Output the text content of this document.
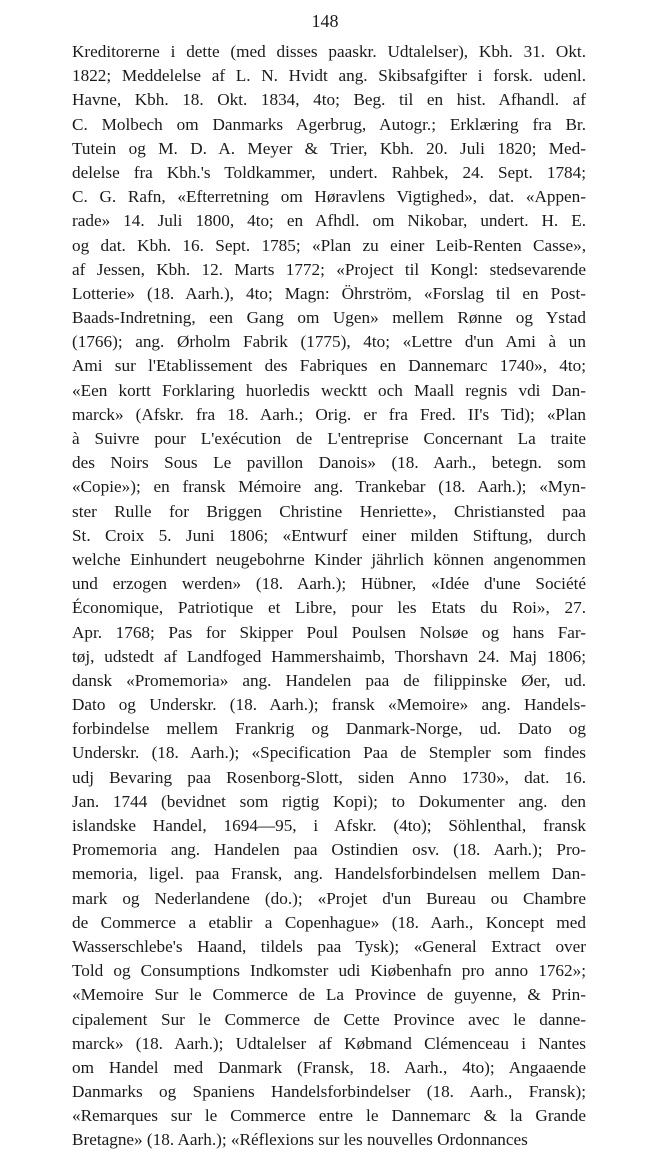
148
Kreditorerne i dette (med disses paaskr. Udtalelser), Kbh. 31. Okt.
1822; Meddelelse af L. N. Hvidt ang. Skibsafgifter i forsk. udenl.
Havne, Kbh. 18. Okt. 1834, 4to; Beg. til en hist. Afhandl. af
C. Molbech om Danmarks Agerbrug, Autogr.; Erklæring fra Br.
Tutein og M. D. A. Meyer & Trier, Kbh. 20. Juli 1820; Med-
delelse fra Kbh.'s Toldkammer, undert. Rahbek, 24. Sept. 1784;
C. G. Rafn, «Efterretning om Høravlens Vigtighed», dat. «Appen-
rade» 14. Juli 1800, 4to; en Afhdl. om Nikobar, undert. H. E.
og dat. Kbh. 16. Sept. 1785; «Plan zu einer Leib-Renten Casse»,
af Jessen, Kbh. 12. Marts 1772; «Project til Kongl: stedsevarende
Lotterie» (18. Aarh.), 4to; Magn: Öhrström, «Forslag til en Post-
Baads-Indretning, een Gang om Ugen» mellem Rønne og Ystad
(1766); ang. Ørholm Fabrik (1775), 4to; «Lettre d'un Ami à un
Ami sur l'Etablissement des Fabriques en Dannemarc 1740», 4to;
«Een kortt Forklaring huorledis wecktt och Maall regnis vdi Dan-
marck» (Afskr. fra 18. Aarh.; Orig. er fra Fred. II's Tid); «Plan
à Suivre pour L'exécution de L'entreprise Concernant La traite
des Noirs Sous Le pavillon Danois» (18. Aarh., betegn. som
«Copie»); en fransk Mémoire ang. Trankebar (18. Aarh.); «Myn-
ster Rulle for Briggen Christine Henriette», Christiansted paa
St. Croix 5. Juni 1806; «Entwurf einer milden Stiftung, durch
welche Einhundert neugebohrne Kinder jährlich können angenommen
und erzogen werden» (18. Aarh.); Hübner, «Idée d'une Société
Économique, Patriotique et Libre, pour les Etats du Roi», 27.
Apr. 1768; Pas for Skipper Poul Poulsen Nolsøe og hans Far-
tøj, udstedt af Landfoged Hammershaimb, Thorshavn 24. Maj 1806;
dansk «Promemoria» ang. Handelen paa de filippinske Øer, ud.
Dato og Underskr. (18. Aarh.); fransk «Memoire» ang. Handels-
forbindelse mellem Frankrig og Danmark-Norge, ud. Dato og
Underskr. (18. Aarh.); «Specification Paa de Stempler som findes
udj Bevaring paa Rosenborg-Slott, siden Anno 1730», dat. 16.
Jan. 1744 (bevidnet som rigtig Kopi); to Dokumenter ang. den
islandske Handel, 1694—95, i Afskr. (4to); Söhlenthal, fransk
Promemoria ang. Handelen paa Ostindien osv. (18. Aarh.); Pro-
memoria, ligel. paa Fransk, ang. Handelsforbindelsen mellem Dan-
mark og Nederlandene (do.); «Projet d'un Bureau ou Chambre
de Commerce a etablir a Copenhague» (18. Aarh., Koncept med
Wasserschlebe's Haand, tildels paa Tysk); «General Extract over
Told og Consumptions Indkomster udi Kiøbenhafn pro anno 1762»;
«Memoire Sur le Commerce de La Province de guyenne, & Prin-
cipalement Sur le Commerce de Cette Province avec le danne-
marck» (18. Aarh.); Udtalelser af Købmand Clémenceau i Nantes
om Handel med Danmark (Fransk, 18. Aarh., 4to); Angaaende
Danmarks og Spaniens Handelsforbindelser (18. Aarh., Fransk);
«Remarques sur le Commerce entre le Dannemarc & la Grande
Bretagne» (18. Aarh.); «Réflexions sur les nouvelles Ordonnances
